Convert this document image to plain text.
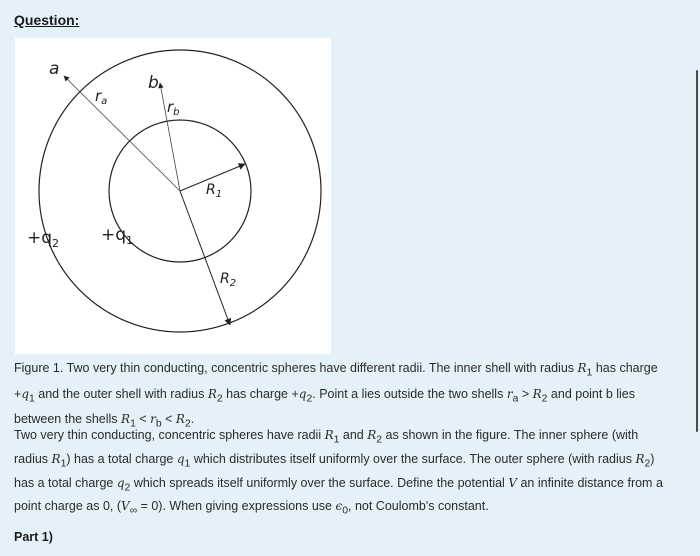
Question:
a
b
$r_a$	$r_b$
$R_1$
$R_2$
$+q_2 +q_1$
Figure 1. Two very thin conducting, concentric spheres have different radii. The inner shell with radius $R_1$ has charge $+q_1$ and the outer shell with radius $R_2$ has charge $+q_2$. Point a lies outside the two shells $r_a > R_2$ and point b lies between the shells $R_1 < r_b < R_2$.
Two very thin conducting, concentric spheres have radii $R_1$ and $R_2$ as shown in the figure. The inner sphere (with radius $R_1$) has a total charge $q_1$ which distributes itself uniformly over the surface. The outer sphere (with radius $R_2$) has a total charge $q_2$ which spreads itself uniformly over the surface. Define the potential V an infinite distance from a point charge as 0, $(V_\infty = 0)$. When giving expressions use $\epsilon_0$, not Coulomb's constant.
Part 1)
